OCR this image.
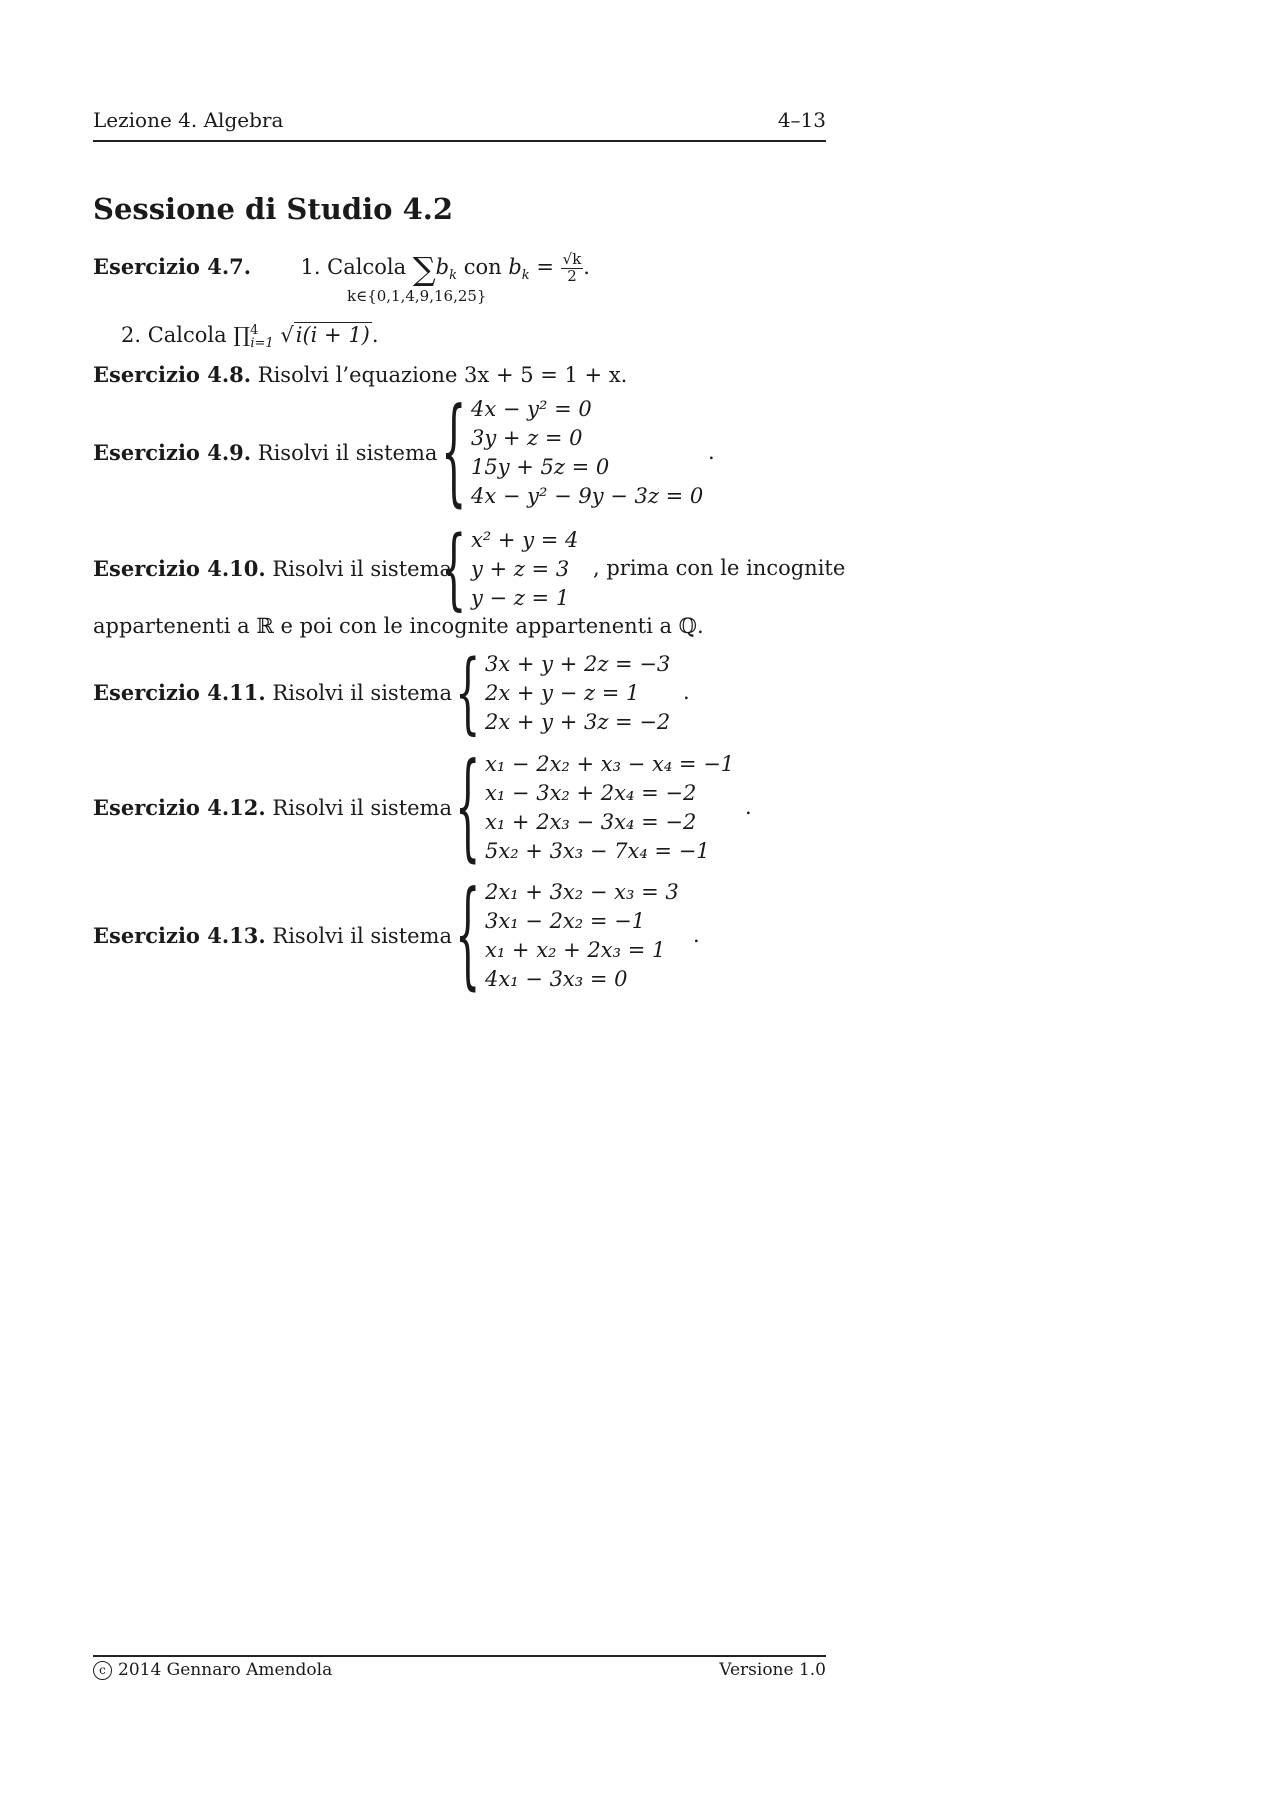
Lezione 4. Algebra	4–13
Sessione di Studio 4.2
Esercizio 4.7. 1. Calcola $\sum b_k$ con $b_k = \frac{√k}{2}$ .
k∈{0,1,4,9,16,25}
2. Calcola ∏$^4_{i=1}$ √i(i + 1).
Esercizio 4.8. Risolvi l’equazione 3x + 5 = 1 + x.
Esercizio 4.9. Risolvi il sistema { 4x − y² = 0
3y + z = 0
15y + 5z = 0
4x − y² − 9y − 3z = 0
.
Esercizio 4.10. Risolvi il sistema
{ x² + y = 4
y + z = 3
y − z = 1
, prima con le incognite
appartenenti a ℝ e poi con le incognite appartenenti a ℚ.
Esercizio 4.11. Risolvi il sistema { 3x + y + 2z = −3
2x + y − z = 1
2x + y + 3z = −2
.
Esercizio 4.12. Risolvi il sistema { x₁ − 2x₂ + x₃ − x₄ = −1
x₁ − 3x₂ + 2x₄ = −2
x₁ + 2x₃ − 3x₄ = −2
5x₂ + 3x₃ − 7x₄ = −1
.
Esercizio 4.13. Risolvi il sistema { 2x₁ + 3x₂ − x₃ = 3
3x₁ − 2x₂ = −1
x₁ + x₂ + 2x₃ = 1
4x₁ − 3x₃ = 0
.
c 2014 Gennaro Amendola	Versione 1.0
